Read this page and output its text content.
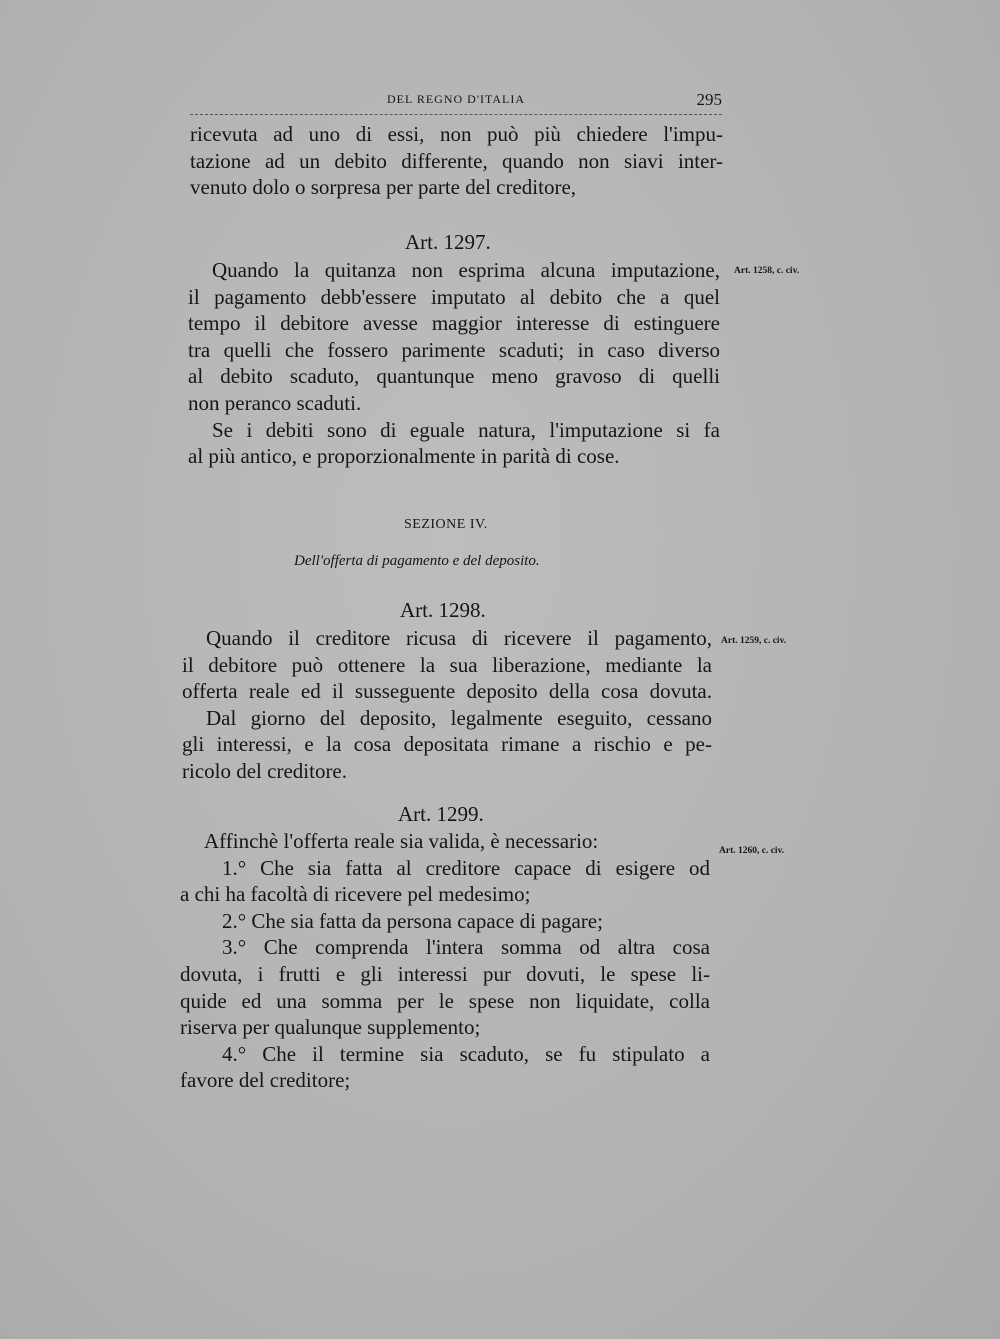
DEL REGNO D'ITALIA	295
ricevuta ad uno di essi, non può più chiedere l'impu-
tazione ad un debito differente, quando non siavi inter-
venuto dolo o sorpresa per parte del creditore,
Art. 1297.
Art. 1258, c. civ.
Quando la quitanza non esprima alcuna imputazione,
il pagamento debb'essere imputato al debito che a quel
tempo il debitore avesse maggior interesse di estinguere
tra quelli che fossero parimente scaduti; in caso diverso
al debito scaduto, quantunque meno gravoso di quelli
non peranco scaduti.
Se i debiti sono di eguale natura, l'imputazione si fa
al più antico, e proporzionalmente in parità di cose.
SEZIONE IV.
Dell'offerta di pagamento e del deposito.
Art. 1298.
Art. 1259, c. civ.
Quando il creditore ricusa di ricevere il pagamento,
il debitore può ottenere la sua liberazione, mediante la
offerta reale ed il susseguente deposito della cosa dovuta.
Dal giorno del deposito, legalmente eseguito, cessano
gli interessi, e la cosa depositata rimane a rischio e pe-
ricolo del creditore.
Art. 1299.
Art. 1260, c. civ.
Affinchè l'offerta reale sia valida, è necessario:
1.° Che sia fatta al creditore capace di esigere od
a chi ha facoltà di ricevere pel medesimo;
2.° Che sia fatta da persona capace di pagare;
3.° Che comprenda l'intera somma od altra cosa
dovuta, i frutti e gli interessi pur dovuti, le spese li-
quide ed una somma per le spese non liquidate, colla
riserva per qualunque supplemento;
4.° Che il termine sia scaduto, se fu stipulato a
favore del creditore;
